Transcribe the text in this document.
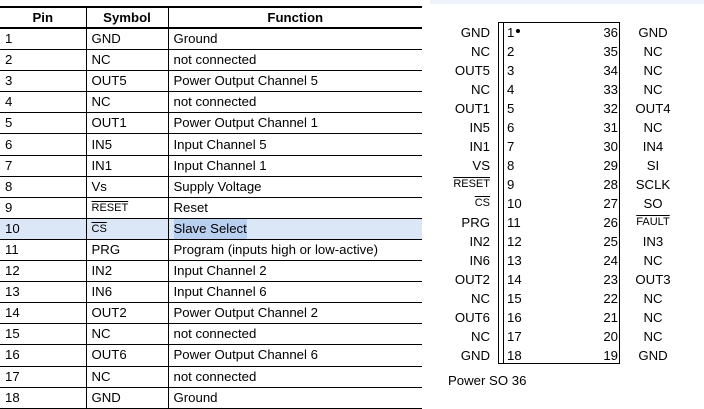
Pin	Symbol	Function
1	GND	Ground
2	NC	not connected
3	OUT5	Power Output Channel 5
4	NC	not connected
5	OUT1	Power Output Channel 1
6	IN5	Input Channel 5
7	IN1	Input Channel 1
8	Vs	Supply Voltage
9	RESET	Reset
10	$\overline{CS}$	Slave Select
11	PRG	Program (inputs high or low-active)
12	IN2	Input Channel 2
13	IN6	Input Channel 6
14	OUT2	Power Output Channel 2
15	NC	not connected
16	OUT6	Power Output Channel 6
17	NC	not connected
18	GND	Ground
GND 1
NC 2
OUT5 3
NC 4
OUT1 5
IN5 6
IN1 7
VS 8
RESET 9
$\overline{CS}$ 10
PRG 11
IN2 12
IN6 13
OUT2 14
NC 15
OUT6 16
NC 17
GND 18
36	GND
35	NC
34	NC
33	NC
32	OUT4
31	NC
30	IN4
29	SI
28	SCLK
27	SO
26	FAULT
25	IN3
24	NC
23	OUT3
22	NC
21	NC
20	NC
19	GND
Power SO 36
